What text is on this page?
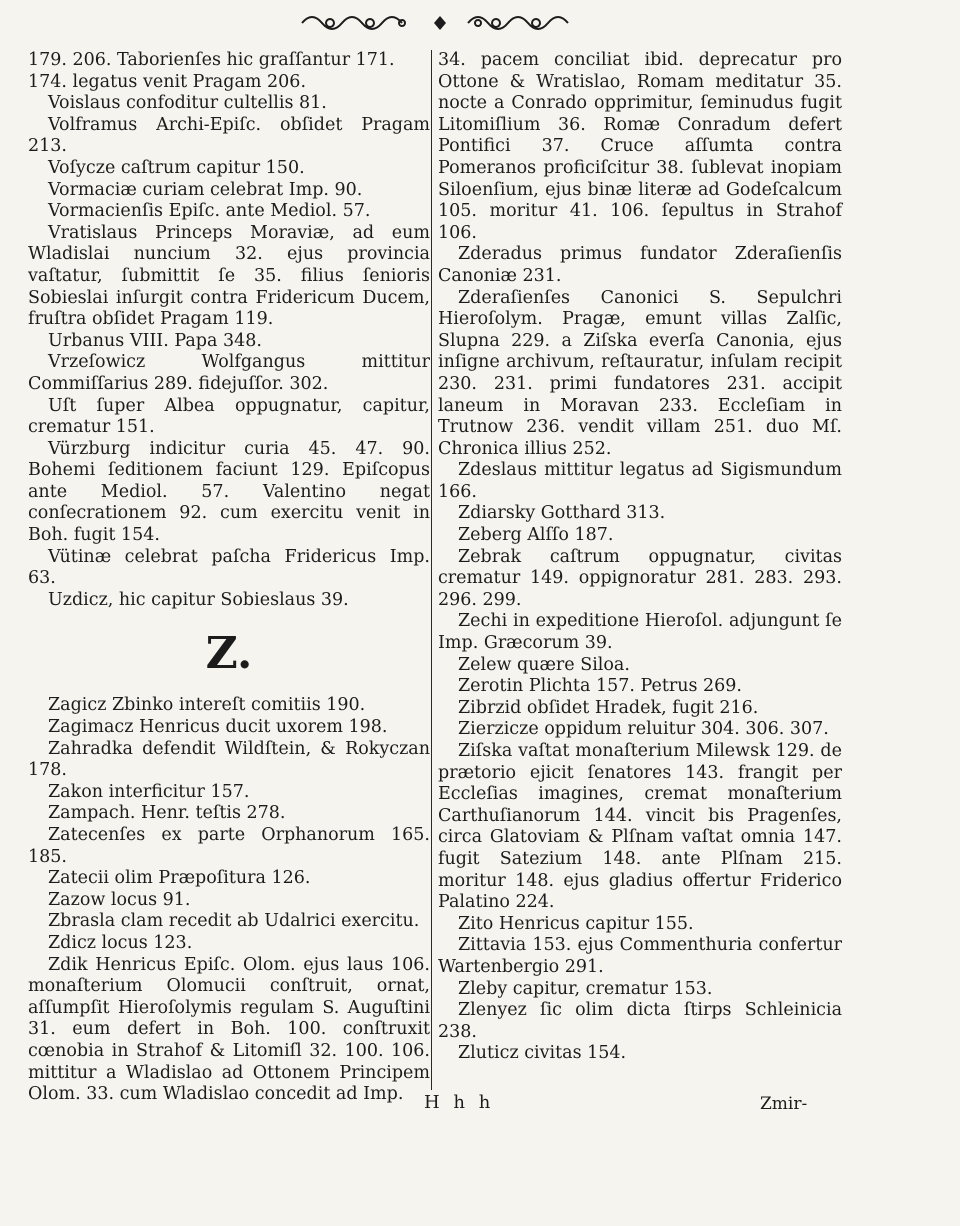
179. 206. Taborienſes hic graſſantur 171.

174. legatus venit Pragam 206.

Voislaus confoditur cultellis 81.

Volframus Archi-Epiſc. obſidet Pragam 213.

Voſycze caſtrum capitur 150.

Vormaciæ curiam celebrat Imp. 90.

Vormacienſis Epiſc. ante Mediol. 57.

Vratislaus Princeps Moraviæ, ad eum Wladislai nuncium 32. ejus provincia vaſtatur, ſubmittit ſe 35. filius ſenioris Sobieslai inſurgit contra Fridericum Ducem, fruſtra obſidet Pragam 119.

Urbanus VIII. Papa 348.

Vrzeſowicz Wolfgangus mittitur Commiſſarius 289. fidejuſſor. 302.

Uſt ſuper Albea oppugnatur, capitur, crematur 151.

Vürzburg indicitur curia 45. 47. 90. Bohemi ſeditionem faciunt 129. Epiſcopus ante Mediol. 57. Valentino negat conſecrationem 92. cum exercitu venit in Boh. fugit 154.

Vütinæ celebrat paſcha Fridericus Imp. 63.

Uzdicz, hic capitur Sobieslaus 39.

Z.

Zagicz Zbinko intereſt comitiis 190.

Zagimacz Henricus ducit uxorem 198.

Zahradka defendit Wildſtein, & Rokyczan 178.

Zakon interficitur 157.

Zampach. Henr. teſtis 278.

Zatecenſes ex parte Orphanorum 165. 185.

Zatecii olim Præpoſitura 126.

Zazow locus 91.

Zbrasla clam recedit ab Udalrici exercitu.

Zdicz locus 123.

Zdik Henricus Epiſc. Olom. ejus laus 106. monaſterium Olomucii conſtruit, ornat, aſſumpſit Hieroſolymis regulam S. Auguſtini 31. eum defert in Boh. 100. conſtruxit cœnobia in Strahof & Litomiſl 32. 100. 106. mittitur a Wladislao ad Ottonem Principem Olom. 33. cum Wladislao concedit ad Imp.

34. pacem conciliat ibid. deprecatur pro Ottone & Wratislao, Romam meditatur 35. nocte a Conrado opprimitur, ſeminudus fugit Litomiſlium 36. Romæ Conradum defert Pontifici 37. Cruce aſſumta contra Pomeranos proficiſcitur 38. ſublevat inopiam Siloenſium, ejus binæ literæ ad Godeſcalcum 105. moritur 41. 106. ſepultus in Strahof 106.

Zderadus primus fundator Zderaſienſis Canoniæ 231.

Zderaſienſes Canonici S. Sepulchri Hieroſolym. Pragæ, emunt villas Zalſic, Slupna 229. a Ziſska everſa Canonia, ejus inſigne archivum, reſtauratur, inſulam recipit 230. 231. primi fundatores 231. accipit laneum in Moravan 233. Eccleſiam in Trutnow 236. vendit villam 251. duo Mſ. Chronica illius 252.

Zdeslaus mittitur legatus ad Sigismundum 166.

Zdiarsky Gotthard 313.

Zeberg Alſſo 187.

Zebrak caſtrum oppugnatur, civitas crematur 149. oppignoratur 281. 283. 293. 296. 299.

Zechi in expeditione Hieroſol. adjungunt ſe Imp. Græcorum 39.

Zelew quære Siloa.

Zerotin Plichta 157. Petrus 269.

Zibrzid obſidet Hradek, fugit 216.

Zierzicze oppidum reluitur 304. 306. 307.

Ziſska vaſtat monaſterium Milewsk 129. de prætorio ejicit ſenatores 143. frangit per Eccleſias imagines, cremat monaſterium Carthuſianorum 144. vincit bis Pragenſes, circa Glatoviam & Plſnam vaſtat omnia 147. fugit Satezium 148. ante Plſnam 215. moritur 148. ejus gladius offertur Friderico Palatino 224.

Zito Henricus capitur 155.

Zittavia 153. ejus Commenthuria confertur Wartenbergio 291.

Zleby capitur, crematur 153.

Zlenyez ſic olim dicta ſtirps Schleinicia 238.

Zluticz civitas 154.

H h h	Zmir-
